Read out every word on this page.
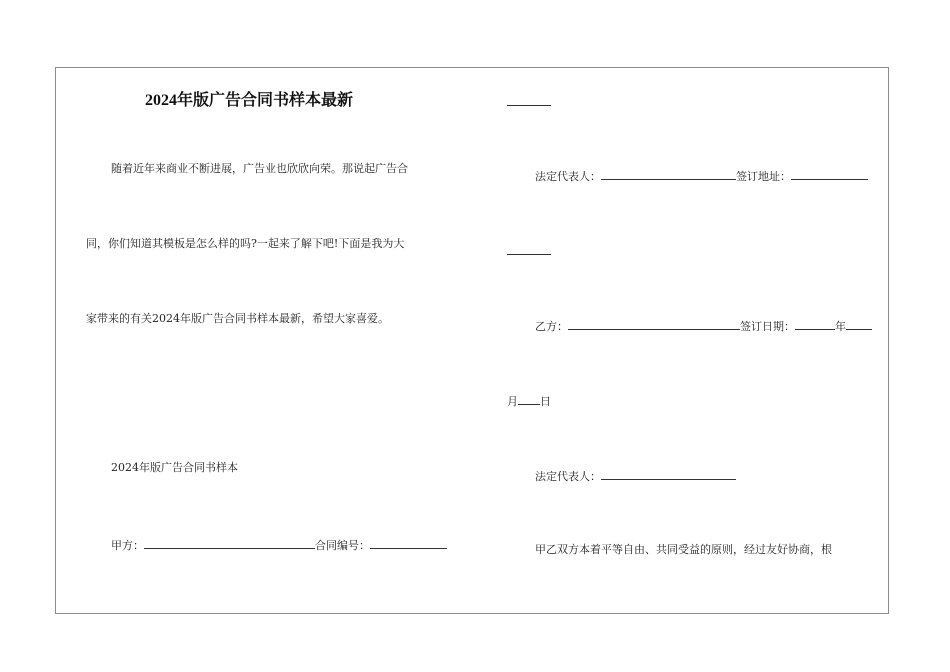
2024年版广告合同书样本最新
随着近年来商业不断进展，广告业也欣欣向荣。那说起广告合
同，你们知道其模板是怎么样的吗?一起来了解下吧!下面是我为大
家带来的有关2024年版广告合同书样本最新，希望大家喜爱。
2024年版广告合同书样本
甲方：	合同编号：
法定代表人：	签订地址：
乙方：	签订日期：	年
月 日
法定代表人：
甲乙双方本着平等自由、共同受益的原则，经过友好协商，根
